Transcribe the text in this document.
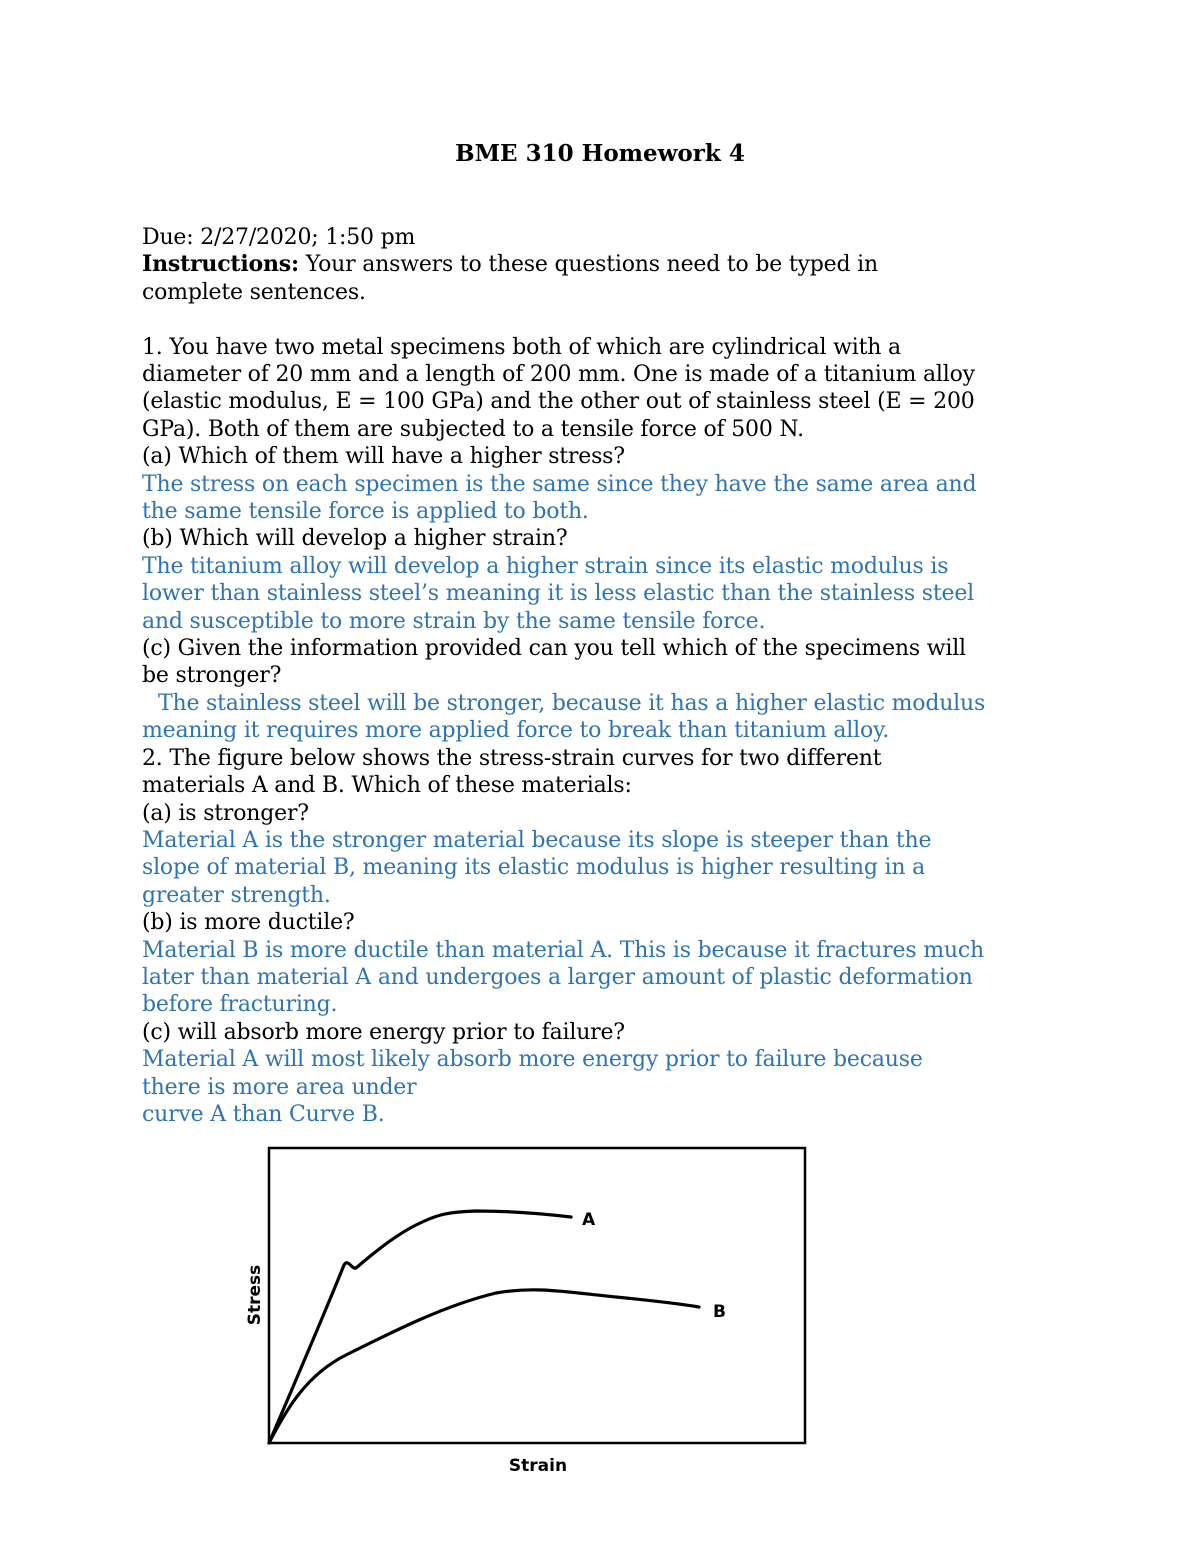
BME 310 Homework 4
Due: 2/27/2020; 1:50 pm
Instructions: Your answers to these questions need to be typed in
complete sentences.
1. You have two metal specimens both of which are cylindrical with a
diameter of 20 mm and a length of 200 mm. One is made of a titanium alloy
(elastic modulus, E = 100 GPa) and the other out of stainless steel (E = 200
GPa). Both of them are subjected to a tensile force of 500 N.
(a) Which of them will have a higher stress?
The stress on each specimen is the same since they have the same area and
the same tensile force is applied to both.
(b) Which will develop a higher strain?
The titanium alloy will develop a higher strain since its elastic modulus is
lower than stainless steel’s meaning it is less elastic than the stainless steel
and susceptible to more strain by the same tensile force.
(c) Given the information provided can you tell which of the specimens will
be stronger?
The stainless steel will be stronger, because it has a higher elastic modulus
meaning it requires more applied force to break than titanium alloy.
2. The figure below shows the stress-strain curves for two different
materials A and B. Which of these materials:
(a) is stronger?
Material A is the stronger material because its slope is steeper than the
slope of material B, meaning its elastic modulus is higher resulting in a
greater strength.
(b) is more ductile?
Material B is more ductile than material A. This is because it fractures much
later than material A and undergoes a larger amount of plastic deformation
before fracturing.
(c) will absorb more energy prior to failure?
Material A will most likely absorb more energy prior to failure because
there is more area under
curve A than Curve B.
A
B
Strain
Stress
